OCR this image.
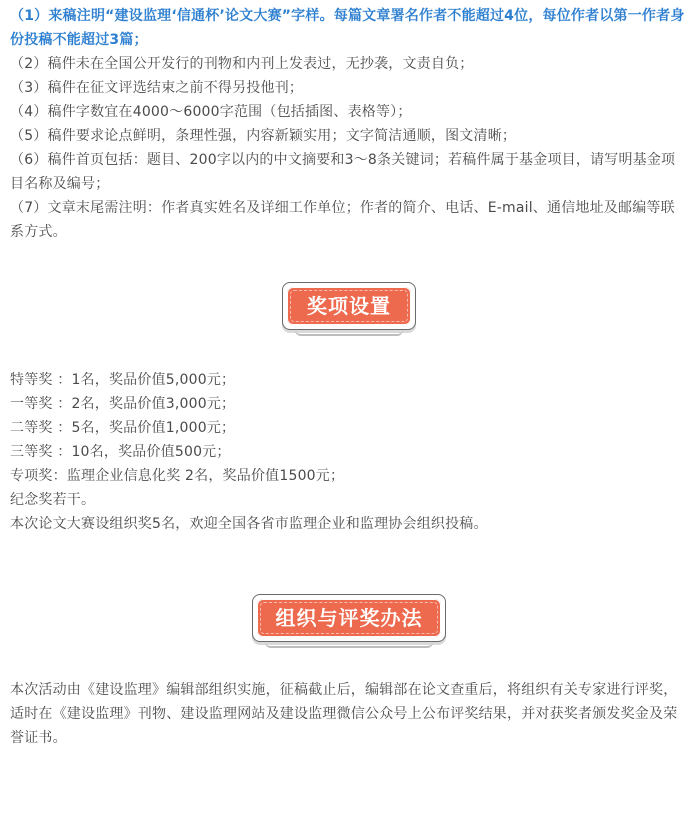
（1）来稿注明“建设监理‘信通杯’论文大赛”字样。每篇文章署名作者不能超过4位，每位作者以第一作者身份投稿不能超过3篇；

（2）稿件未在全国公开发行的刊物和内刊上发表过，无抄袭，文责自负；

（3）稿件在征文评选结束之前不得另投他刊；

（4）稿件字数宜在4000～6000字范围（包括插图、表格等）；

（5）稿件要求论点鲜明，条理性强，内容新颖实用；文字简洁通顺，图文清晰；

（6）稿件首页包括：题目、200字以内的中文摘要和3～8条关键词；若稿件属于基金项目，请写明基金项目名称及编号；

（7）文章末尾需注明：作者真实姓名及详细工作单位；作者的简介、电话、E-mail、通信地址及邮编等联系方式。

奖项设置

特等奖 ：1名，奖品价值5,000元；

一等奖 ：2名，奖品价值3,000元；

二等奖 ：5名，奖品价值1,000元；

三等奖 ：10名，奖品价值500元；

专项奖：监理企业信息化奖 2名，奖品价值1500元；

纪念奖若干。

本次论文大赛设组织奖5名，欢迎全国各省市监理企业和监理协会组织投稿。

组织与评奖办法

本次活动由《建设监理》编辑部组织实施，征稿截止后，编辑部在论文查重后，将组织有关专家进行评奖，适时在《建设监理》刊物、建设监理网站及建设监理微信公众号上公布评奖结果，并对获奖者颁发奖金及荣誉证书。
